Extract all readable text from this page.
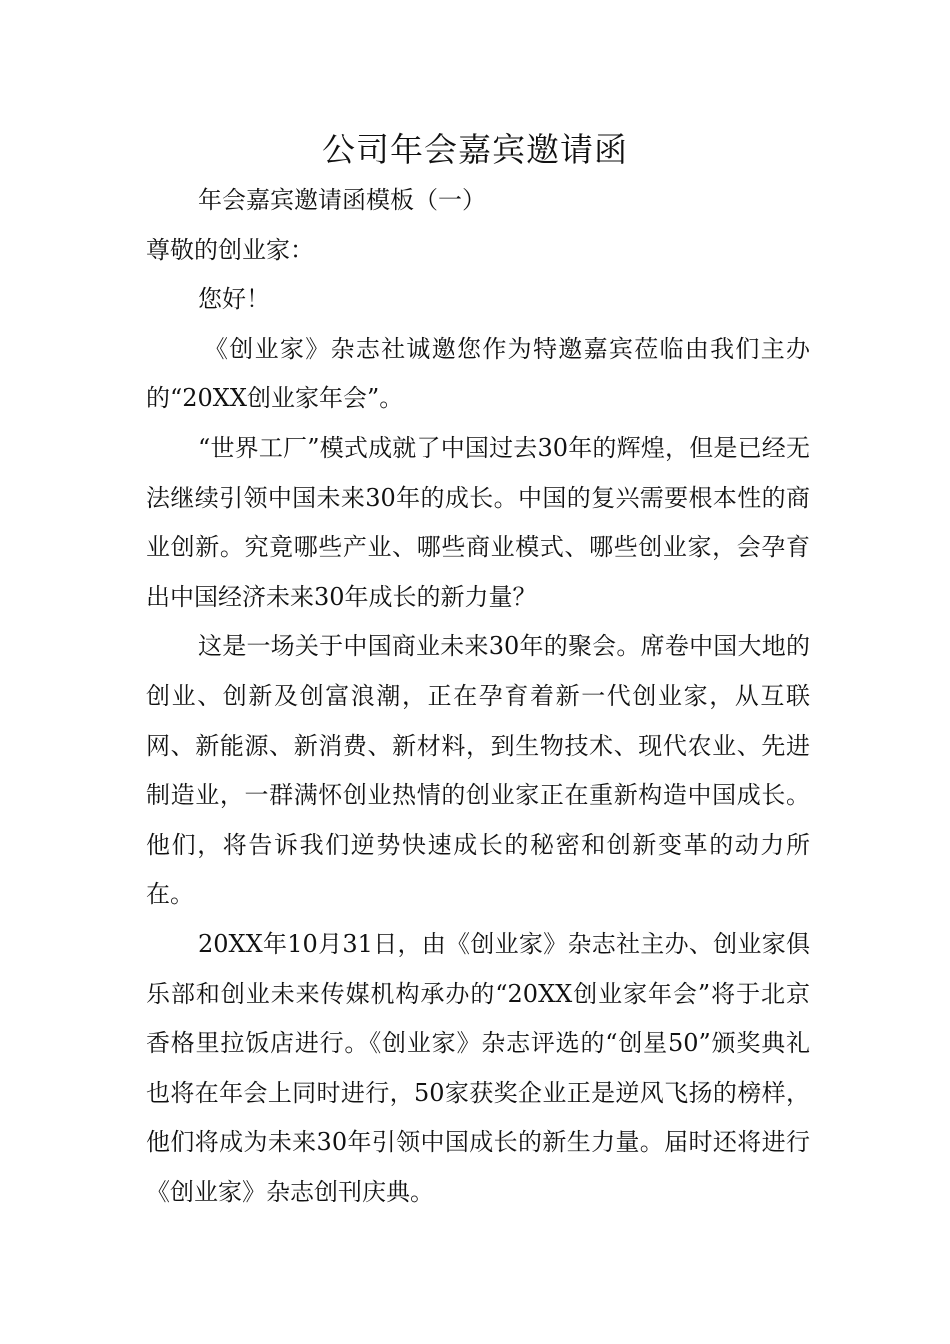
公司年会嘉宾邀请函

年会嘉宾邀请函模板（一）

尊敬的创业家：

您好！

《创业家》杂志社诚邀您作为特邀嘉宾莅临由我们主办的“20XX创业家年会”。

“世界工厂”模式成就了中国过去30年的辉煌，但是已经无法继续引领中国未来30年的成长。中国的复兴需要根本性的商业创新。究竟哪些产业、哪些商业模式、哪些创业家，会孕育出中国经济未来30年成长的新力量？

这是一场关于中国商业未来30年的聚会。席卷中国大地的创业、创新及创富浪潮，正在孕育着新一代创业家，从互联网、新能源、新消费、新材料，到生物技术、现代农业、先进制造业，一群满怀创业热情的创业家正在重新构造中国成长。他们，将告诉我们逆势快速成长的秘密和创新变革的动力所在。

20XX年10月31日，由《创业家》杂志社主办、创业家俱乐部和创业未来传媒机构承办的“20XX创业家年会”将于北京香格里拉饭店进行。《创业家》杂志评选的“创星50”颁奖典礼也将在年会上同时进行，50家获奖企业正是逆风飞扬的榜样，他们将成为未来30年引领中国成长的新生力量。届时还将进行《创业家》杂志创刊庆典。
